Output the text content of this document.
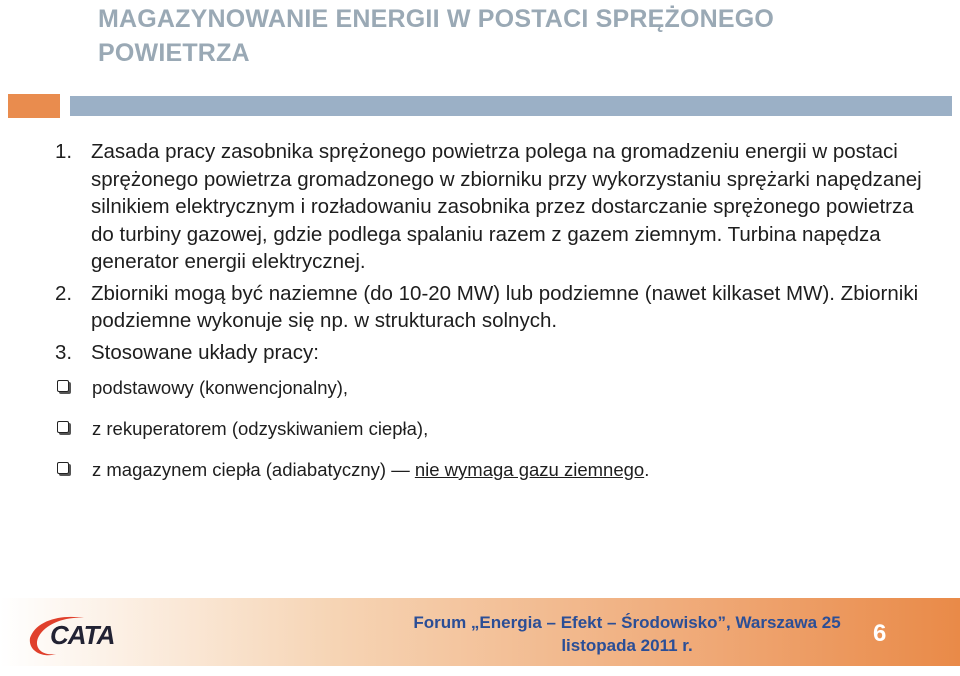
MAGAZYNOWANIE ENERGII W POSTACI SPRĘŻONEGO POWIETRZA
1. Zasada pracy zasobnika sprężonego powietrza polega na gromadzeniu energii w postaci sprężonego powietrza gromadzonego w zbiorniku przy wykorzystaniu sprężarki napędzanej silnikiem elektrycznym i rozładowaniu zasobnika przez dostarczanie sprężonego powietrza do turbiny gazowej, gdzie podlega spalaniu razem z gazem ziemnym. Turbina napędza generator energii elektrycznej.
2. Zbiorniki mogą być naziemne (do 10-20 MW) lub podziemne (nawet kilkaset MW). Zbiorniki podziemne wykonuje się np. w strukturach solnych.
3. Stosowane układy pracy:
podstawowy (konwencjonalny),
z rekuperatorem (odzyskiwaniem ciepła),
z magazynem ciepła (adiabatyczny) — nie wymaga gazu ziemnego.
CATA	Forum „Energia – Efekt – Środowisko”, Warszawa 25 listopada 2011 r.	6
